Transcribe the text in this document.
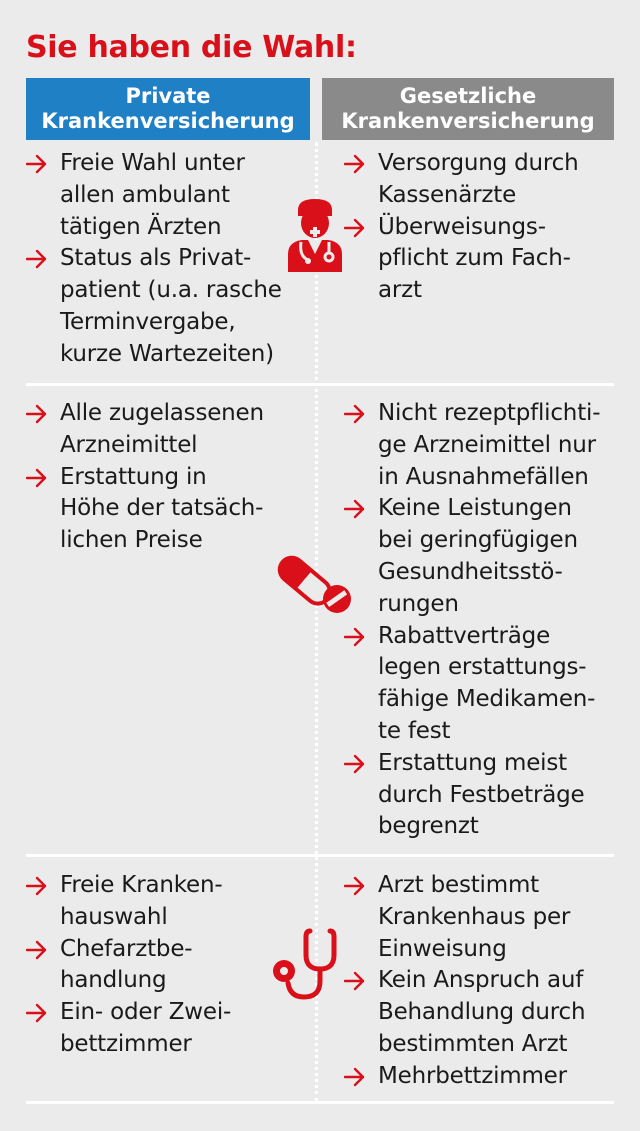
Sie haben die Wahl:
Private
Krankenversicherung
Gesetzliche
Krankenversicherung
Freie Wahl unter
allen ambulant
tätigen Ärzten
Status als Privat-
patient (u.a. rasche
Terminvergabe,
kurze Wartezeiten)
Versorgung durch
Kassenärzte
Überweisungs-
pflicht zum Fach-
arzt
Alle zugelassenen
Arzneimittel
Erstattung in
Höhe der tatsäch-
lichen Preise
Nicht rezeptpflichti-
ge Arzneimittel nur
in Ausnahmefällen
Keine Leistungen
bei geringfügigen
Gesundheitsstö-
rungen
Rabattverträge
legen erstattungs-
fähige Medikamen-
te fest
Erstattung meist
durch Festbeträge
begrenzt
Freie Kranken-
hauswahl
Chefarztbe-
handlung
Ein- oder Zwei-
bettzimmer
Arzt bestimmt
Krankenhaus per
Einweisung
Kein Anspruch auf
Behandlung durch
bestimmten Arzt
Mehrbettzimmer
